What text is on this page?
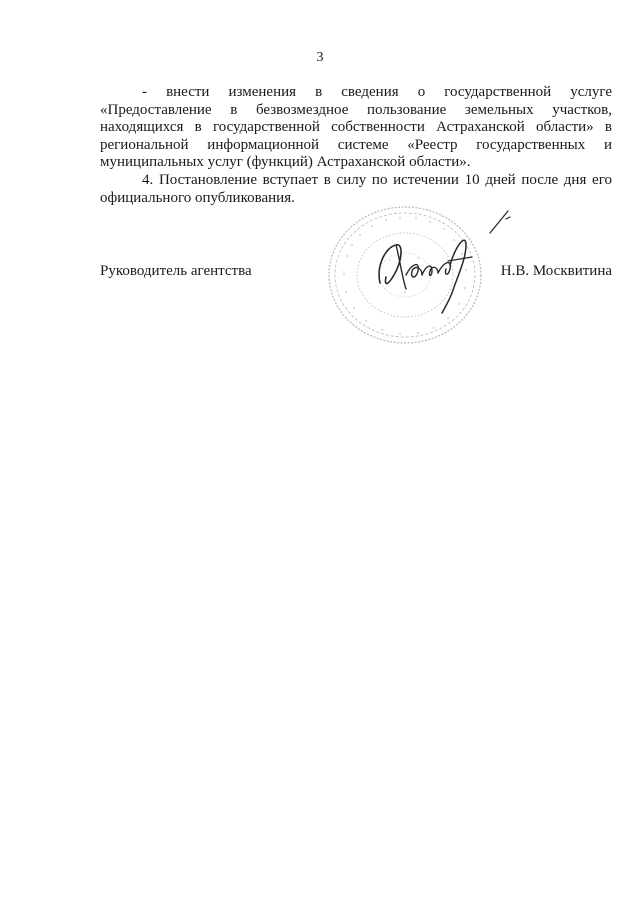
3

- внести изменения в сведения о государственной услуге «Предоставление в безвозмездное пользование земельных участков, находящихся в государственной собственности Астраханской области» в региональной информационной системе «Реестр государственных и муниципальных услуг (функций) Астраханской области».

4. Постановление вступает в силу по истечении 10 дней после дня его официального опубликования.

Руководитель агентства	Н.В. Москвитина
